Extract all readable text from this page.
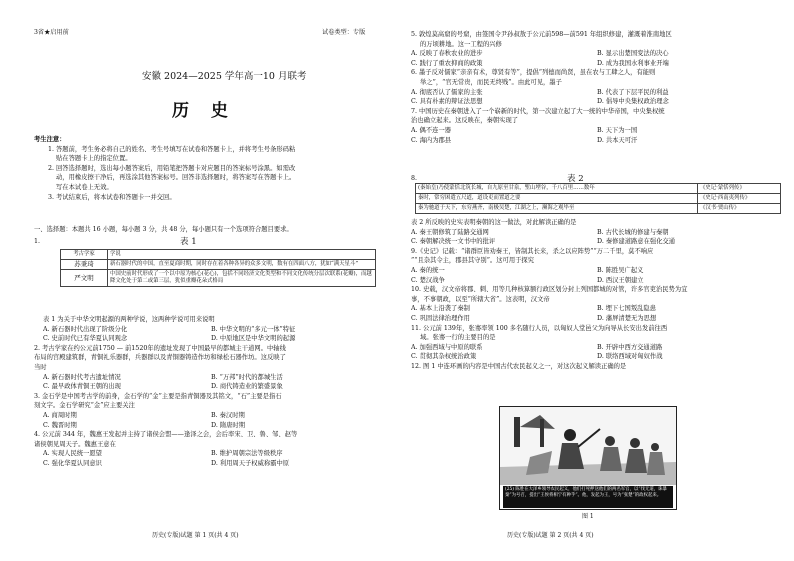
3省★启用前	试卷类型：专版
安徽 2024—2025 学年高一10 月联考
历 史
考生注意：
1. 答题前，考生务必将自己的姓名、考生号填写在试卷和答题卡上，并将考生号条形码粘
贴在答题卡上的指定位置。
2. 回答选择题时，选出每小题答案后，用铅笔把答题卡对应题目的答案标号涂黑。如需改
动，用橡皮擦干净后，再选涂其他答案标号。回答非选择题时，将答案写在答题卡上。
写在本试卷上无效。
3. 考试结束后，将本试卷和答题卡一并交回。
一、选择题：本题共 16 小题，每小题 3 分，共 48 分，每小题只有一个选项符合题目要求。
1.	表 1
考古学家	学说
苏秉琦	新石器时代的中国，直至夏商时期，同时存在着各种各异的众多文明，数有在四面八方，犹如“满天星斗”
严文明	中国史前时代形成了一个以中原为核心(花心)，包括不同经济文化类型和不同文化传统分层次联系(花瓣)，而越降文化处于第二或第三层，犹似重瓣花朵式格局
表 1 为关于中华文明起源的两种学说，这两种学说可用来说明
A. 新石器时代出现了阶级分化	B. 中华文明的“多元一体”特征
C. 史前时代已有华夏认同观念	D. 中原地区是中华文明的起源
2. 考古学家在约公元前1750 — 前1520年的遗址发现了中国最早的都城主干道网。中轴线
布局的宫殿建筑群，青铜礼乐器群，兵器群以及青铜器铸造作坊和绿松石器作坊。这反映了
当时
A. 新石器时代考古遗址情况	B. “万邦”时代的都城生活
C. 最早政体青铜王朝的出现	D. 商代铸造业的繁盛景象
3. 金石学是中国考古学的前身，金石学的“金”主要是指青铜器及其铭文，“石”主要是指石
刻文字。金石学研究“金”应主要关注
A. 商周时期	B. 秦汉时期
C. 魏晋时期	D. 隋唐时期
4. 公元前 344 年，魏惠王发起并主持了诸侯会盟——逢泽之会，会后率宋、卫、鲁、邹、赵等
诸侯朝见周天子。魏惠王意在
A. 实现人民统一愿望	B. 维护周朝宗法等级秩序
C. 强化华夏认同意识	D. 利用周天子权威称霸中原
历史(专版)试题 第 1 页(共 4 页)
5. 敦煌莫高窟的号窟，由签国令尹孙叔敖于公元前598—前591 年组织修建，灌溉着淮南地区
的万顷耕地。这一工程的兴修
A. 反映了春秋农业的进步	B. 显示出楚国变法的决心
C. 践行了重农抑商的政策	D. 成为我国水利事业开端
6. 墨子反对儒家“亲亲有术，尊贤有等”，提倡“列德而尚贤，虽在农与工肆之人，有能则
举之”，“官无常贵，而民无终贱”。由此可见，墨子
A. 彻底否认了儒家的主张	B. 代表了下层平民的利益
C. 具有朴素的辩证法思想	D. 倡导中央集权政治理念
7. 中国历史在秦朝进入了一个崭新的时代，第一次建立起了大一统的中华帝国，中央集权统
治也确立起来。这反映在，秦朝实现了
A. 偶不连一器	B. 天下为一国
C. 海内为郡县	D. 共本天可汗
8.	表 2
(秦始皇)乃使蒙恬北筑长城，自九原至甘泉，堑山堙谷，千八百里……数年	《史记·蒙恬列传》
秦时，常穷困遣五尺道，道设吏而置道之要	《史记·西南夷列传》
秦为驰道于天下，东穷燕齐，南极吴楚，江湖之上，濒海之观毕至	《汉书·贾山传》
表 2 所反映的史实表明秦朝的这一做法，对此解读正确的是
A. 秦王朝修筑了陆路交通网	B. 古代长城的修建与秦朝
C. 秦朝解决统一文书中的批评	D. 秦修建道路意在强化交通
9.《史记》记载：“诸群臣皆劝秦王，皆制其长来，杀之以应阵势”“万二千里，莫不响应
”“且杂其令主，郡县其守别”。这可用于探究
A. 秦的统一	B. 陈胜吴广起义
C. 楚汉战争	D. 西汉王朝建立
10. 史载，汉文帝将郡、刺、用等几种核算额行政区划分封上列国都城的对管，许多官吏治民势为宜
事，不事朝政，以至“所辖大省”。这表明，汉文帝
A. 基本上沿袭了秦制	B. 埋下七国叛乱隐患
C. 巩固法律治理作用	D. 藩屏清楚无为思想
11. 公元前 139年，张骞率领 100 多名随行人员，以匈奴人堂邑父为向导从长安出发前往西
域。张骞一行的主要目的是
A. 加强西域与中原的联系	B. 开辟中西方交通道路
C. 贯彻其杂权统治政策	D. 联络西域对匈奴作战
12. 图 1 中连环画的内容是中国古代农民起义之一，对这次起义解读正确的是
(25) 陈胜在大泽乡领导农民起义，他们打死押送他们的两名军官，以“伐无道，诛暴秦”为号召，提出“王侯将相宁有种乎”。他，发起为王，号为“张楚”的政权起来。
图 1
历史(专版)试题 第 2 页(共 4 页)
